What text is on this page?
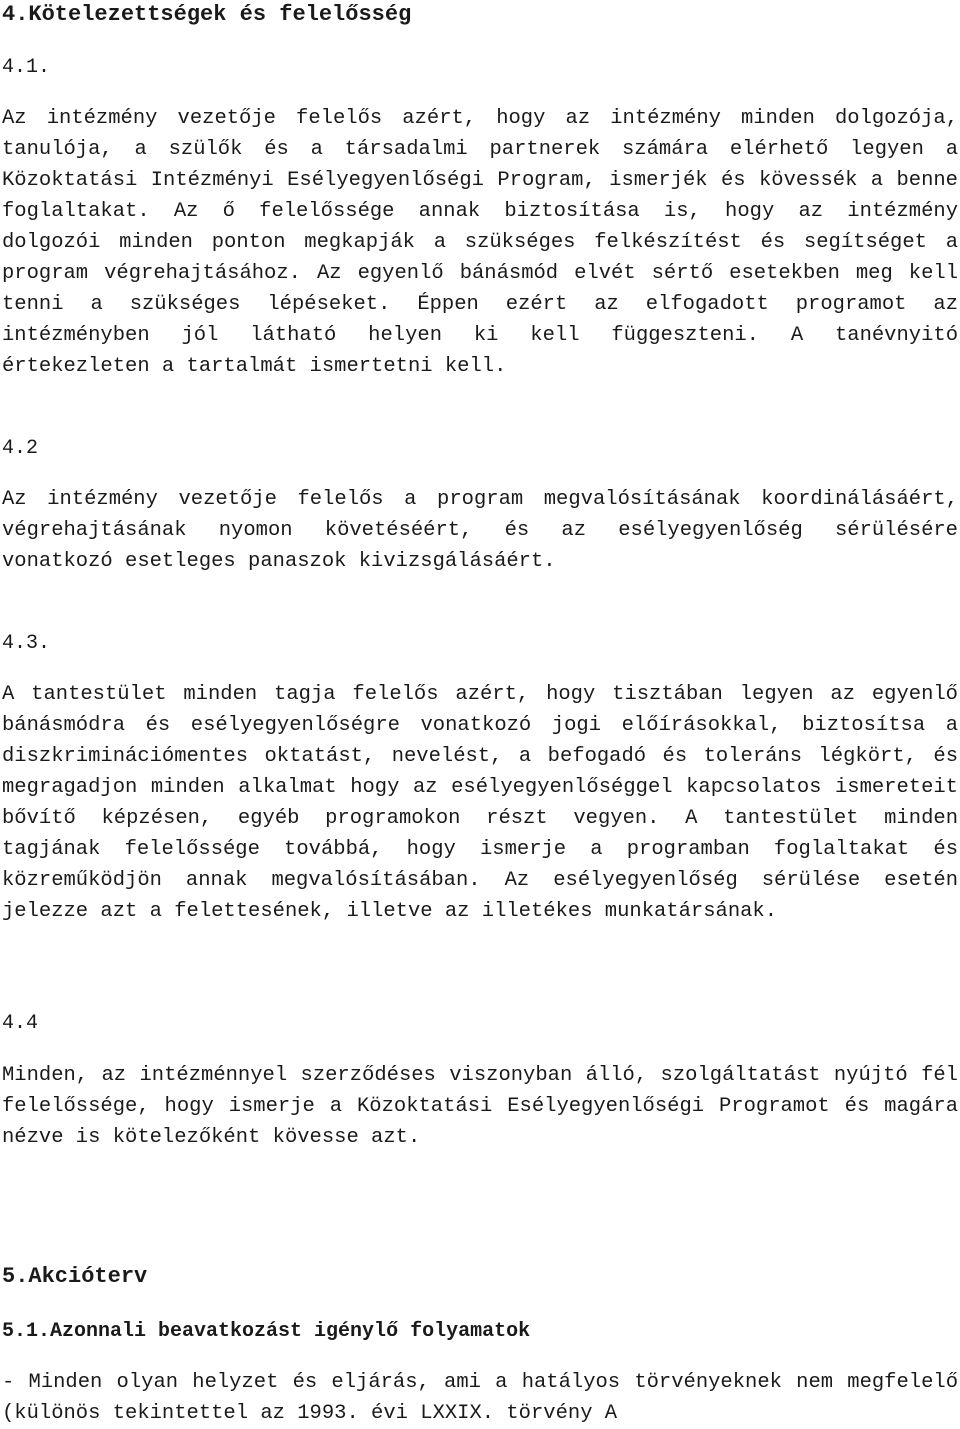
4.Kötelezettségek és felelősség

4.1.

Az intézmény vezetője felelős azért, hogy az intézmény minden dolgozója, tanulója, a szülők és a társadalmi partnerek számára elérhető legyen a Közoktatási Intézményi Esélyegyenlőségi Program, ismerjék és kövessék a benne foglaltakat. Az ő felelőssége annak biztosítása is, hogy az intézmény dolgozói minden ponton megkapják a szükséges felkészítést és segítséget a program végrehajtásához. Az egyenlő bánásmód elvét sértő esetekben meg kell tenni a szükséges lépéseket. Éppen ezért az elfogadott programot az intézményben jól látható helyen ki kell függeszteni. A tanévnyitó értekezleten a tartalmát ismertetni kell.

4.2

Az intézmény vezetője felelős a program megvalósításának koordinálásáért, végrehajtásának nyomon követéséért, és az esélyegyenlőség sérülésére vonatkozó esetleges panaszok kivizsgálásáért.

4.3.

A tantestület minden tagja felelős azért, hogy tisztában legyen az egyenlő bánásmódra és esélyegyenlőségre vonatkozó jogi előírásokkal, biztosítsa a diszkriminációmentes oktatást, nevelést, a befogadó és toleráns légkört, és megragadjon minden alkalmat hogy az esélyegyenlőséggel kapcsolatos ismereteit bővítő képzésen, egyéb programokon részt vegyen. A tantestület minden tagjának felelőssége továbbá, hogy ismerje a programban foglaltakat és közreműködjön annak megvalósításában. Az esélyegyenlőség sérülése esetén jelezze azt a felettesének, illetve az illetékes munkatársának.

4.4

Minden, az intézménnyel szerződéses viszonyban álló, szolgáltatást nyújtó fél felelőssége, hogy ismerje a Közoktatási Esélyegyenlőségi Programot és magára nézve is kötelezőként kövesse azt.

5.Akcióterv

5.1.Azonnali beavatkozást igénylő folyamatok

- Minden olyan helyzet és eljárás, ami a hatályos törvényeknek nem megfelelő (különös tekintettel az 1993. évi LXXIX. törvény A
